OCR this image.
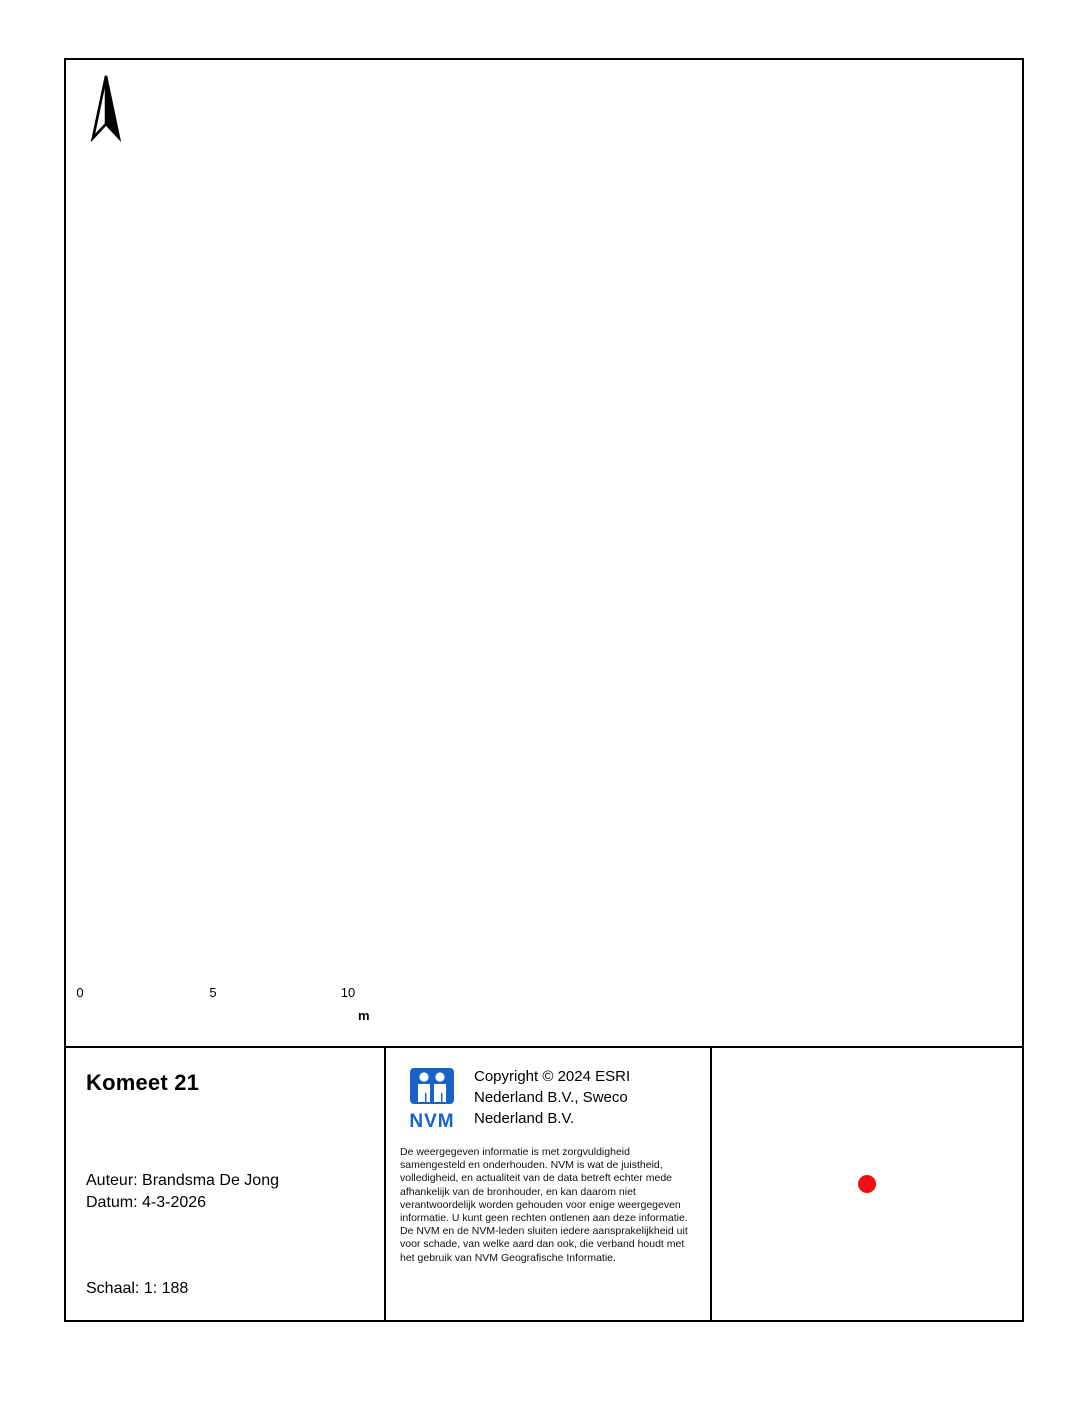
0	5	10
m
Komeet 21
Auteur: Brandsma De Jong
Datum: 4-3-2026
Schaal: 1: 188
NVM
Copyright © 2024 ESRI Nederland B.V., Sweco Nederland B.V.
De weergegeven informatie is met zorgvuldigheid samengesteld en onderhouden. NVM is wat de juistheid, volledigheid, en actualiteit van de data betreft echter mede afhankelijk van de bronhouder, en kan daarom niet verantwoordelijk worden gehouden voor enige weergegeven informatie. U kunt geen rechten ontlenen aan deze informatie. De NVM en de NVM-leden sluiten iedere aansprakelijkheid uit voor schade, van welke aard dan ook, die verband houdt met het gebruik van NVM Geografische Informatie.
